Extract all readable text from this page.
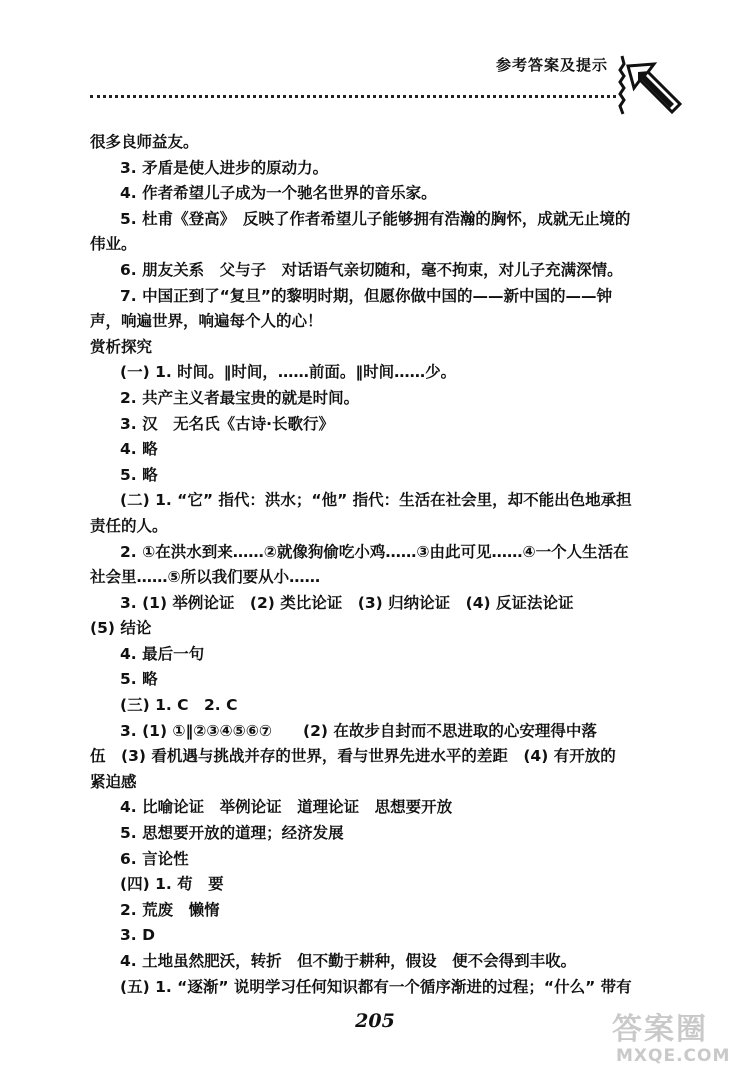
参考答案及提示
很多良师益友。
3. 矛盾是使人进步的原动力。
4. 作者希望儿子成为一个驰名世界的音乐家。
5. 杜甫《登高》　反映了作者希望儿子能够拥有浩瀚的胸怀，成就无止境的
伟业。
6. 朋友关系　父与子　对话语气亲切随和，毫不拘束，对儿子充满深情。
7. 中国正到了“复旦”的黎明时期，但愿你做中国的——新中国的——钟
声，响遍世界，响遍每个人的心！
赏析探究
(一) 1. 时间。‖时间，……前面。‖时间……少。
2. 共产主义者最宝贵的就是时间。
3. 汉　无名氏《古诗·长歌行》
4. 略
5. 略
(二) 1. “它” 指代：洪水；“他” 指代：生活在社会里，却不能出色地承担
责任的人。
2. ①在洪水到来……②就像狗偷吃小鸡……③由此可见……④一个人生活在
社会里……⑤所以我们要从小……
3. (1) 举例论证　(2) 类比论证　(3) 归纳论证　(4) 反证法论证
(5) 结论
4. 最后一句
5. 略
(三) 1. C　2. C
3. (1) ①‖②③④⑤⑥⑦　　(2) 在故步自封而不思进取的心安理得中落
伍　(3) 看机遇与挑战并存的世界，看与世界先进水平的差距　(4) 有开放的
紧迫感
4. 比喻论证　举例论证　道理论证　思想要开放
5. 思想要开放的道理；经济发展
6. 言论性
(四) 1. 苟　要
2. 荒废　懒惰
3. D
4. 土地虽然肥沃，转折　但不勤于耕种，假设　便不会得到丰收。
(五) 1. “逐渐” 说明学习任何知识都有一个循序渐进的过程；“什么” 带有
205	答案圈
MXQE.COM
